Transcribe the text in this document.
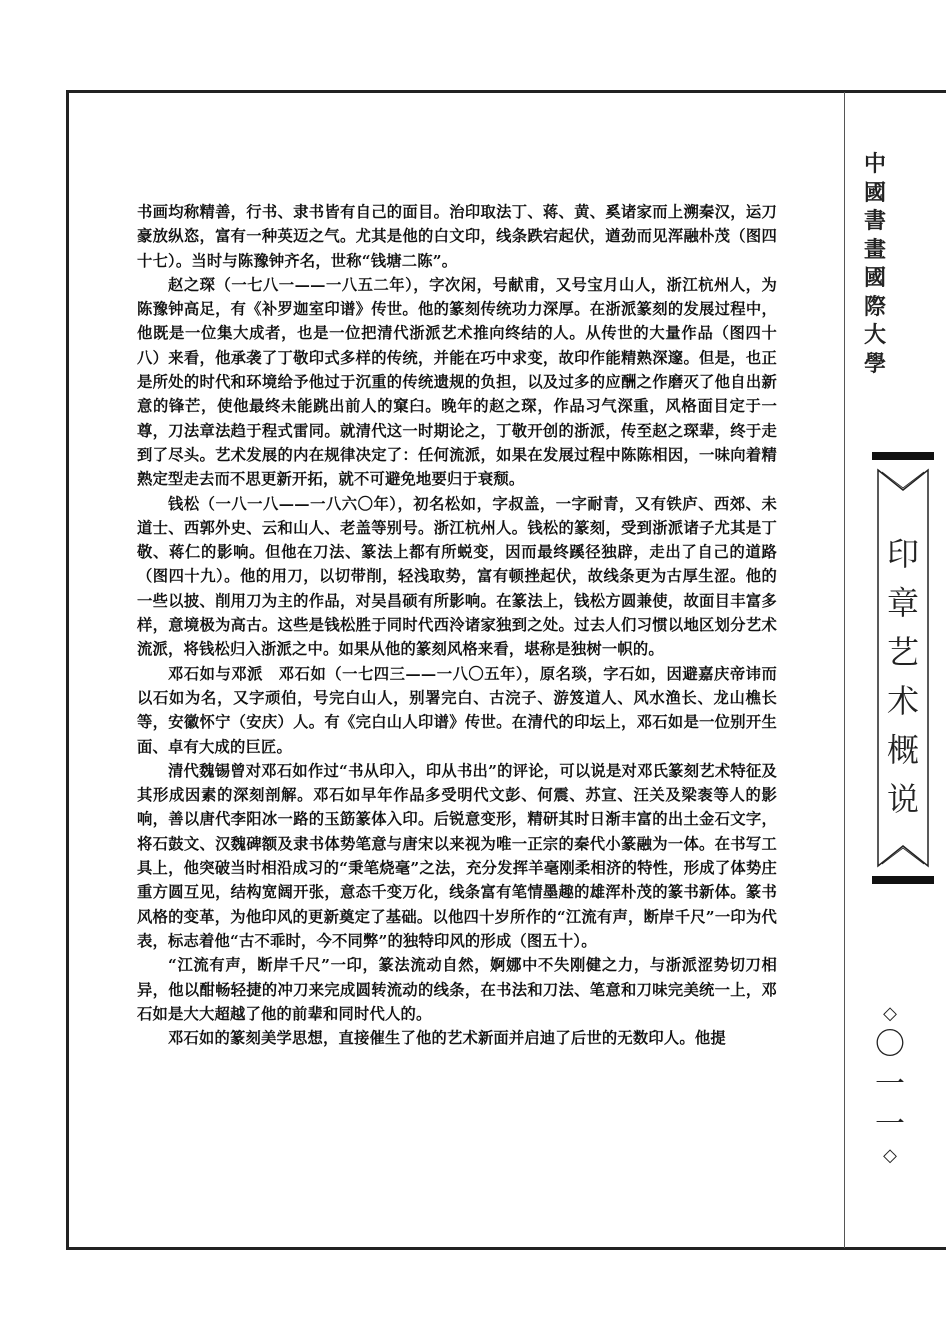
书画均称精善，行书、隶书皆有自己的面目。治印取法丁、蒋、黄、奚诸家而上溯秦汉，运刀豪放纵恣，富有一种英迈之气。尤其是他的白文印，线条跌宕起伏，遒劲而见浑融朴茂（图四十七）。当时与陈豫钟齐名，世称“钱塘二陈”。

赵之琛（一七八一——一八五二年），字次闲，号献甫，又号宝月山人，浙江杭州人，为陈豫钟高足，有《补罗迦室印谱》传世。他的篆刻传统功力深厚。在浙派篆刻的发展过程中，他既是一位集大成者，也是一位把清代浙派艺术推向终结的人。从传世的大量作品（图四十八）来看，他承袭了丁敬印式多样的传统，并能在巧中求变，故印作能精熟深邃。但是，也正是所处的时代和环境给予他过于沉重的传统遗规的负担，以及过多的应酬之作磨灭了他自出新意的锋芒，使他最终未能跳出前人的窠臼。晚年的赵之琛，作品习气深重，风格面目定于一尊，刀法章法趋于程式雷同。就清代这一时期论之，丁敬开创的浙派，传至赵之琛辈，终于走到了尽头。艺术发展的内在规律决定了：任何流派，如果在发展过程中陈陈相因，一味向着精熟定型走去而不思更新开拓，就不可避免地要归于衰颓。

钱松（一八一八——一八六〇年），初名松如，字叔盖，一字耐青，又有铁庐、西郊、未道士、西郭外史、云和山人、老盖等别号。浙江杭州人。钱松的篆刻，受到浙派诸子尤其是丁敬、蒋仁的影响。但他在刀法、篆法上都有所蜕变，因而最终蹊径独辟，走出了自己的道路（图四十九）。他的用刀，以切带削，轻浅取势，富有顿挫起伏，故线条更为古厚生涩。他的一些以披、削用刀为主的作品，对吴昌硕有所影响。在篆法上，钱松方圆兼使，故面目丰富多样，意境极为高古。这些是钱松胜于同时代西泠诸家独到之处。过去人们习惯以地区划分艺术流派，将钱松归入浙派之中。如果从他的篆刻风格来看，堪称是独树一帜的。

邓石如与邓派　邓石如（一七四三——一八〇五年），原名琰，字石如，因避嘉庆帝讳而以石如为名，又字顽伯，号完白山人，别署完白、古浣子、游笈道人、风水渔长、龙山樵长等，安徽怀宁（安庆）人。有《完白山人印谱》传世。在清代的印坛上，邓石如是一位别开生面、卓有大成的巨匠。

清代魏锡曾对邓石如作过“书从印入，印从书出”的评论，可以说是对邓氏篆刻艺术特征及其形成因素的深刻剖解。邓石如早年作品多受明代文彭、何震、苏宣、汪关及梁袠等人的影响，善以唐代李阳冰一路的玉筯篆体入印。后锐意变形，精研其时日渐丰富的出土金石文字，将石鼓文、汉魏碑额及隶书体势笔意与唐宋以来视为唯一正宗的秦代小篆融为一体。在书写工具上，他突破当时相沿成习的“秉笔烧毫”之法，充分发挥羊毫刚柔相济的特性，形成了体势庄重方圆互见，结构宽阔开张，意态千变万化，线条富有笔情墨趣的雄浑朴茂的篆书新体。篆书风格的变革，为他印风的更新奠定了基础。以他四十岁所作的“江流有声，断岸千尺”一印为代表，标志着他“古不乖时，今不同弊”的独特印风的形成（图五十）。

“江流有声，断岸千尺”一印，篆法流动自然，婀娜中不失刚健之力，与浙派涩势切刀相异，他以酣畅轻捷的冲刀来完成圆转流动的线条，在书法和刀法、笔意和刀味完美统一上，邓石如是大大超越了他的前辈和同时代人的。

邓石如的篆刻美学思想，直接催生了他的艺术新面并启迪了后世的无数印人。他提

中
國
書
畫
國
際
大
學
印
章
艺
术
概
说
◇
〇
一
一
◇
